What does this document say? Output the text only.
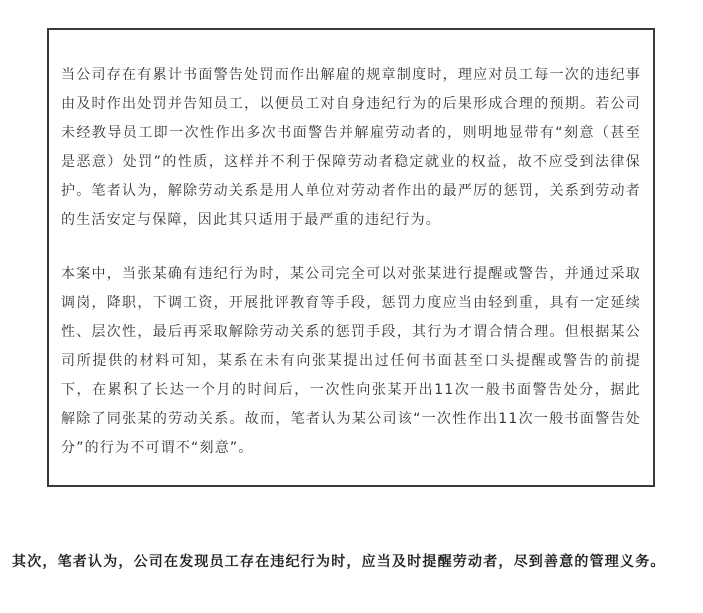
当公司存在有累计书面警告处罚而作出解雇的规章制度时，理应对员工每一次的违纪事由及时作出处罚并告知员工，以便员工对自身违纪行为的后果形成合理的预期。若公司未经教导员工即一次性作出多次书面警告并解雇劳动者的，则明地显带有“刻意（甚至是恶意）处罚”的性质，这样并不利于保障劳动者稳定就业的权益，故不应受到法律保护。笔者认为，解除劳动关系是用人单位对劳动者作出的最严厉的惩罚，关系到劳动者的生活安定与保障，因此其只适用于最严重的违纪行为。

本案中，当张某确有违纪行为时，某公司完全可以对张某进行提醒或警告，并通过采取调岗，降职，下调工资，开展批评教育等手段，惩罚力度应当由轻到重，具有一定延续性、层次性，最后再采取解除劳动关系的惩罚手段，其行为才谓合情合理。但根据某公司所提供的材料可知，某系在未有向张某提出过任何书面甚至口头提醒或警告的前提下，在累积了长达一个月的时间后，一次性向张某开出11次一般书面警告处分，据此解除了同张某的劳动关系。故而，笔者认为某公司该“一次性作出11次一般书面警告处分”的行为不可谓不“刻意”。

其次，笔者认为，公司在发现员工存在违纪行为时，应当及时提醒劳动者，尽到善意的管理义务。
